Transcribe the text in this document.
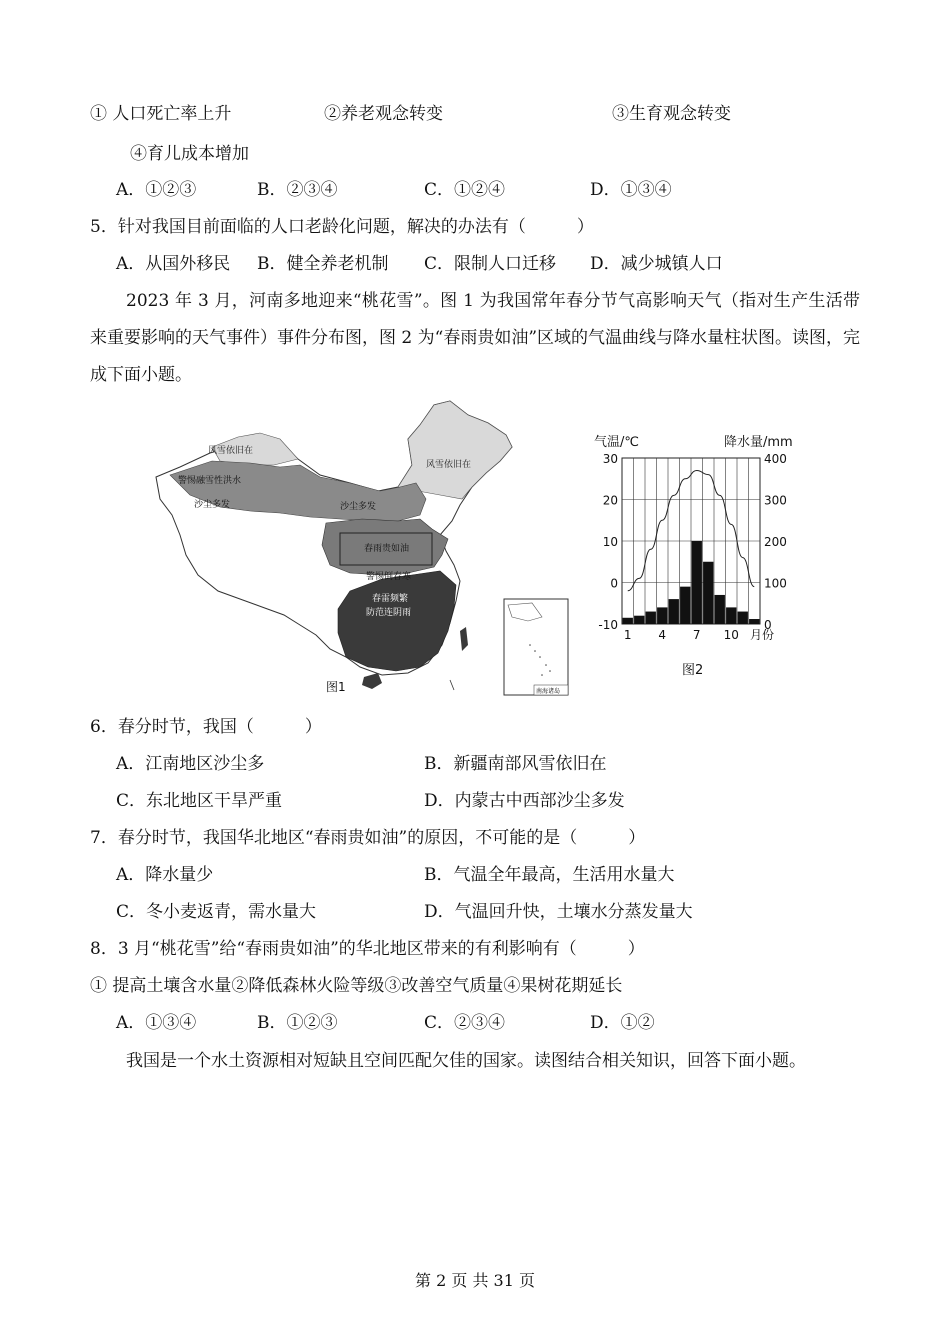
① 人口死亡率上升	②养老观念转变	③生育观念转变
④育儿成本增加
A．①②③	B．②③④	C．①②④	D．①③④
5．针对我国目前面临的人口老龄化问题，解决的办法有（　　　）
A．从国外移民 B．健全养老机制 C．限制人口迁移 D．减少城镇人口
2023 年 3 月，河南多地迎来“桃花雪”。图 1 为我国常年春分节气高影响天气（指对生产生活带来重要影响的天气事件）事件分布图，图 2 为“春雨贵如油”区域的气温曲线与降水量柱状图。读图，完成下面小题。
南海诸岛
风雪依旧在
警惕融雪性洪水
沙尘多发	沙尘多发
风雪依旧在
春雨贵如油
警惕倒春寒
春雷频繁
防范连阴雨
图1
气温/℃	降水量/mm
30
20
10
0
-10
400
300
200
100
0
1 4 7 10 月份
图2
6．春分时节，我国（　　　）
A．江南地区沙尘多	B．新疆南部风雪依旧在
C．东北地区干旱严重	D．内蒙古中西部沙尘多发
7．春分时节，我国华北地区“春雨贵如油”的原因，不可能的是（　　　）
A．降水量少	B．气温全年最高，生活用水量大
C．冬小麦返青，需水量大	D．气温回升快，土壤水分蒸发量大
8．3 月“桃花雪”给“春雨贵如油”的华北地区带来的有利影响有（　　　）
① 提高土壤含水量②降低森林火险等级③改善空气质量④果树花期延长
A．①③④	B．①②③	C．②③④	D．①②
我国是一个水土资源相对短缺且空间匹配欠佳的国家。读图结合相关知识，回答下面小题。
第 2 页 共 31 页
